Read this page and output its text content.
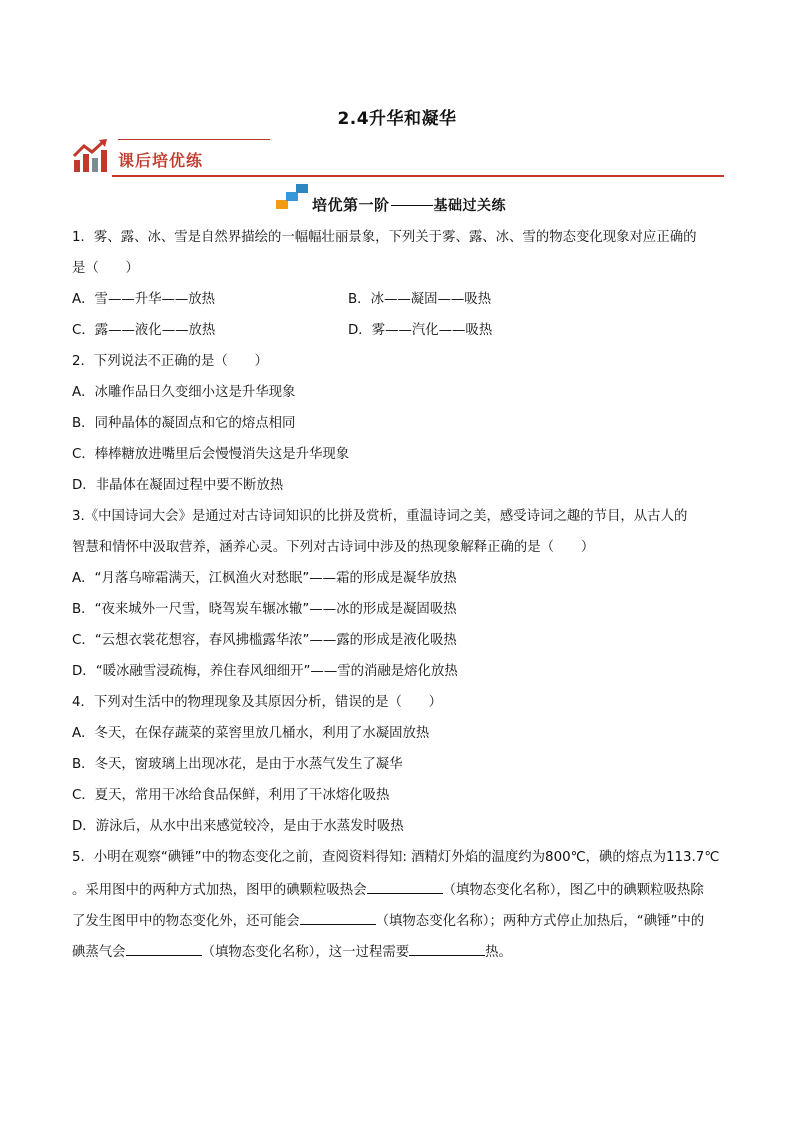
2.4升华和凝华
课后培优练
培优第一阶	基础过关练
1．雾、露、冰、雪是自然界描绘的一幅幅壮丽景象，下列关于雾、露、冰、雪的物态变化现象对应正确的
是（　　）
A．雪——升华——放热	B．冰——凝固——吸热
C．露——液化——放热	D．雾——汽化——吸热
2．下列说法不正确的是（　　）
A．冰雕作品日久变细小这是升华现象
B．同种晶体的凝固点和它的熔点相同
C．棒棒糖放进嘴里后会慢慢消失这是升华现象
D．非晶体在凝固过程中要不断放热
3.《中国诗词大会》是通过对古诗词知识的比拼及赏析，重温诗词之美，感受诗词之趣的节目，从古人的
智慧和情怀中汲取营养，涵养心灵。下列对古诗词中涉及的热现象解释正确的是（　　）
A．“月落乌啼霜满天，江枫渔火对愁眠”——霜的形成是凝华放热
B．“夜来城外一尺雪，晓驾炭车辗冰辙”——冰的形成是凝固吸热
C．“云想衣裳花想容，春风拂槛露华浓”——露的形成是液化吸热
D．“暖冰融雪浸疏梅，养住春风细细开”——雪的消融是熔化放热
4．下列对生活中的物理现象及其原因分析，错误的是（　　）
A．冬天，在保存蔬菜的菜窖里放几桶水，利用了水凝固放热
B．冬天，窗玻璃上出现冰花，是由于水蒸气发生了凝华
C．夏天，常用干冰给食品保鲜，利用了干冰熔化吸热
D．游泳后，从水中出来感觉较冷，是由于水蒸发时吸热
5．小明在观察“碘锤”中的物态变化之前，查阅资料得知: 酒精灯外焰的温度约为800℃，碘的熔点为113.7℃
。采用图中的两种方式加热，图甲的碘颗粒吸热会	（填物态变化名称），图乙中的碘颗粒吸热除
了发生图甲中的物态变化外，还可能会	（填物态变化名称）；两种方式停止加热后，“碘锤”中的
碘蒸气会	（填物态变化名称），这一过程需要	热。
